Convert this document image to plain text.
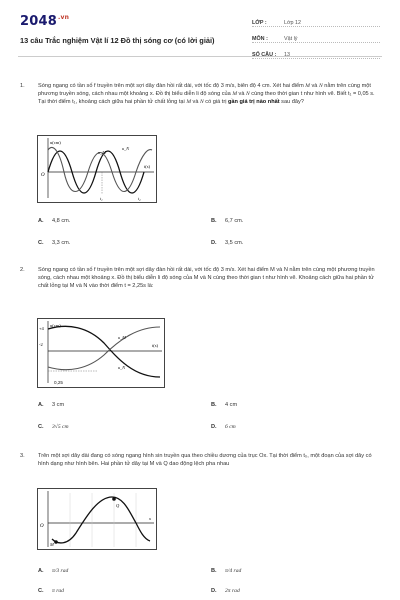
$2048^{.vn}$
13 câu Trắc nghiệm Vật lí 12 Đồ thị sóng cơ (có lời giải)
LỚP :	Lớp 12
MÔN :	Vật lý
SỐ CÂU :	13
1. Sóng ngang có tần số f truyền trên một sợi dây đàn hồi rất dài, với tốc độ 3 m/s, biên độ 4 cm. Xét hai điểm M và N nằm trên cùng một phương truyền sóng, cách nhau một khoảng x. Đồ thị biểu diễn li độ sóng của M và N cùng theo thời gian t như hình vẽ. Biết t₁ = 0,05 s. Tại thời điểm t₁, khoảng cách giữa hai phần tử chất lỏng tại M và N có giá trị gần giá trị nào nhất sau đây?
u(cm)
O
t(s)
u_M
u_N
t₁	t₂
A. 4,8 cm.	B. 6,7 cm.
C. 3,3 cm.	D. 3,5 cm.
2. Sóng ngang có tần số f truyền trên một sợi dây đàn hồi rất dài, với tốc độ 3 m/s. Xét hai điểm M và N nằm trên cùng một phương truyền sóng, cách nhau một khoảng x. Đồ thị biểu diễn li độ sóng của M và N cùng theo thời gian t như hình vẽ. Khoảng cách giữa hai phần tử chất lỏng tại M và N vào thời điểm t = 2,25s là:
u(cm)
+4
-2	t(s)
u_M
u_N
0,25
A. 3 cm	B. 4 cm
C. 3√5 cm	D. 6 cm
3. Trên một sợi dây dài đang có sóng ngang hình sin truyền qua theo chiều dương của trục Ox. Tại thời điểm t₀, một đoạn của sợi dây có hình dạng như hình bên. Hai phần tử dây tại M và Q dao động lệch pha nhau
O
M
Q
x
A. π/3 rad	B. π/4 rad
C. π rad	D. 2π rad
